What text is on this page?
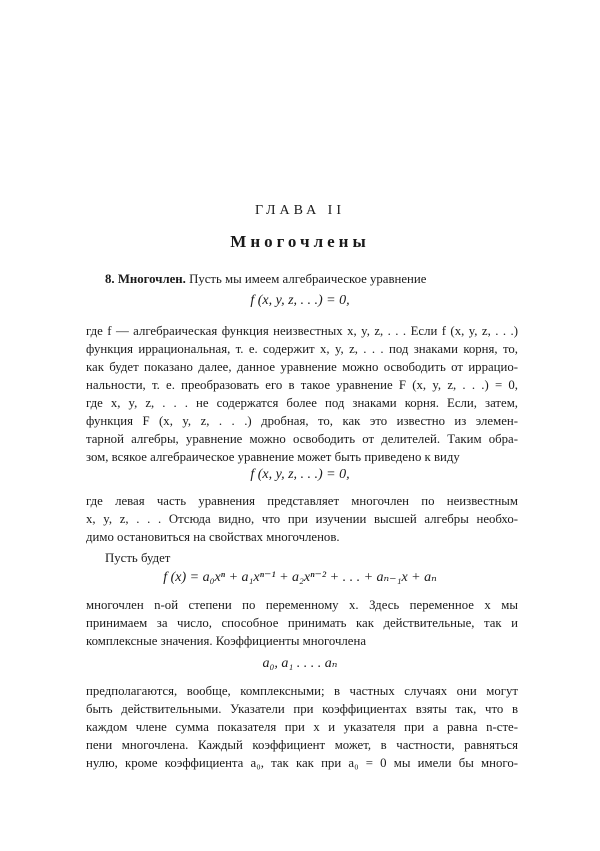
ГЛАВА II
Многочлены
8. Многочлен. Пусть мы имеем алгебраическое уравнение
f (x, y, z, . . .) = 0,
где f — алгебраическая функция неизвестных x, y, z, . . . Если f (x, y, z, . . .)
функция иррациональная, т. е. содержит x, y, z, . . . под знаками корня, то,
как будет показано далее, данное уравнение можно освободить от иррацио-
нальности, т. е. преобразовать его в такое уравнение F (x, y, z, . . .) = 0,
где x, y, z, . . . не содержатся более под знаками корня. Если, затем,
функция F (x, y, z, . . .) дробная, то, как это известно из элемен-
тарной алгебры, уравнение можно освободить от делителей. Таким обра-
зом, всякое алгебраическое уравнение может быть приведено к виду
f (x, y, z, . . .) = 0,
где левая часть уравнения представляет многочлен по неизвестным
x, y, z, . . . Отсюда видно, что при изучении высшей алгебры необхо-
димо остановиться на свойствах многочленов.
Пусть будет
f (x) = a₀xⁿ + a₁xⁿ⁻¹ + a₂xⁿ⁻² + . . . + aₙ₋₁x + aₙ
многочлен n-ой степени по переменному x. Здесь переменное x мы
принимаем за число, способное принимать как действительные, так и
комплексные значения. Коэффициенты многочлена
a₀, a₁ . . . . aₙ
предполагаются, вообще, комплексными; в частных случаях они могут
быть действительными. Указатели при коэффициентах взяты так, что в
каждом члене сумма показателя при x и указателя при a равна n-сте-
пени многочлена. Каждый коэффициент может, в частности, равняться
нулю, кроме коэффициента a₀, так как при a₀ = 0 мы имели бы много-
